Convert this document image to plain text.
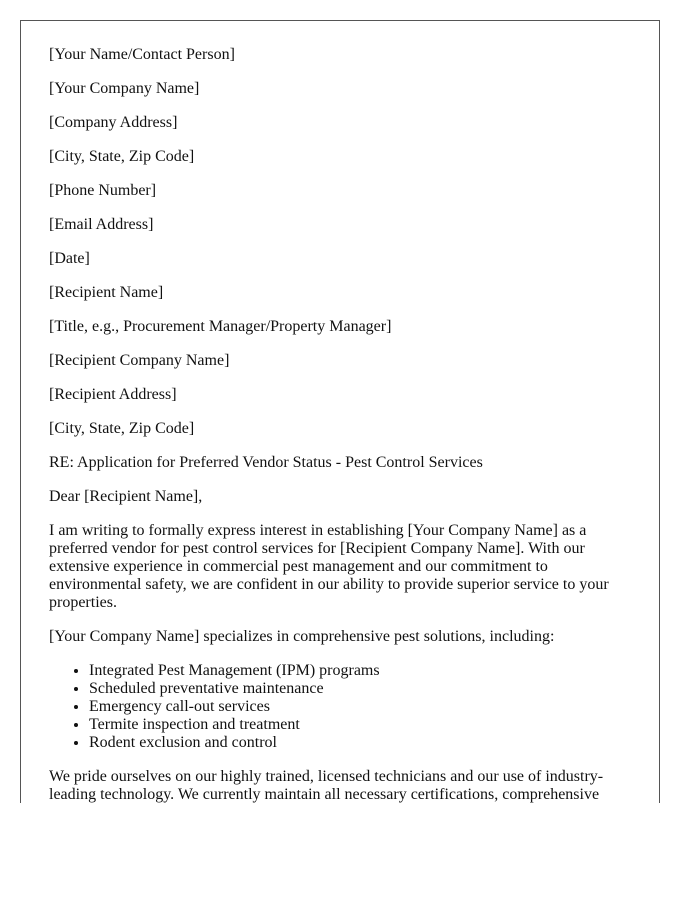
[Your Name/Contact Person]

[Your Company Name]

[Company Address]

[City, State, Zip Code]

[Phone Number]

[Email Address]

[Date]

[Recipient Name]

[Title, e.g., Procurement Manager/Property Manager]

[Recipient Company Name]

[Recipient Address]

[City, State, Zip Code]

RE: Application for Preferred Vendor Status - Pest Control Services

Dear [Recipient Name],

I am writing to formally express interest in establishing [Your Company Name] as a preferred vendor for pest control services for [Recipient Company Name]. With our extensive experience in commercial pest management and our commitment to environmental safety, we are confident in our ability to provide superior service to your properties.

[Your Company Name] specializes in comprehensive pest solutions, including:

• Integrated Pest Management (IPM) programs
• Scheduled preventative maintenance
• Emergency call-out services
• Termite inspection and treatment
• Rodent exclusion and control

We pride ourselves on our highly trained, licensed technicians and our use of industry-leading technology. We currently maintain all necessary certifications, comprehensive
